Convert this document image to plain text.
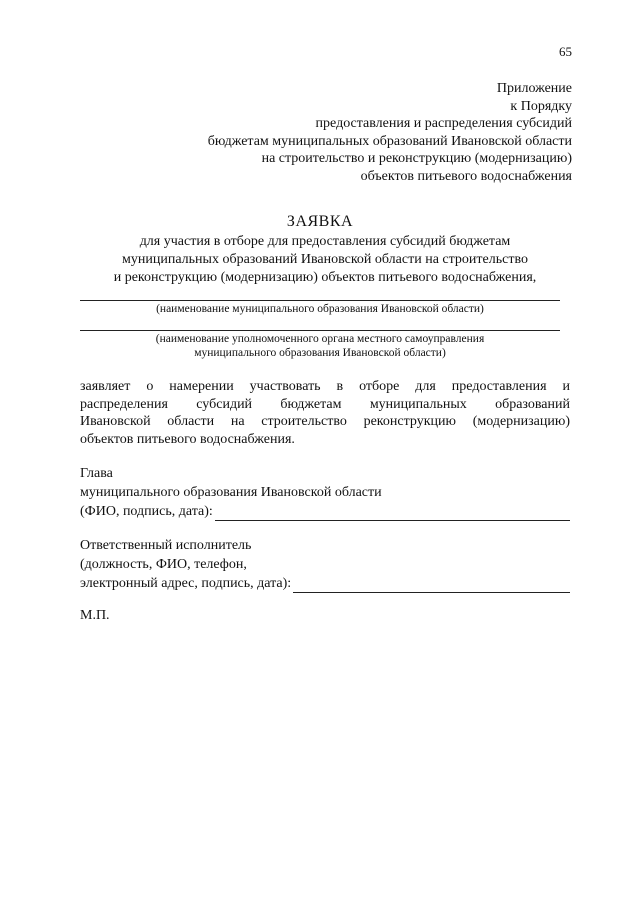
65
Приложение
к Порядку
предоставления и распределения субсидий
бюджетам муниципальных образований Ивановской области
на строительство и реконструкцию (модернизацию)
объектов питьевого водоснабжения
ЗАЯВКА
для участия в отборе для предоставления субсидий бюджетам
муниципальных образований Ивановской области на строительство
и реконструкцию (модернизацию) объектов питьевого водоснабжения,
(наименование муниципального образования Ивановской области)
(наименование уполномоченного органа местного самоуправления
муниципального образования Ивановской области)
заявляет о намерении участвовать в отборе для предоставления и
распределения субсидий бюджетам муниципальных образований
Ивановской области на строительство реконструкцию (модернизацию)
объектов питьевого водоснабжения.
Глава
муниципального образования Ивановской области
(ФИО, подпись, дата):
Ответственный исполнитель
(должность, ФИО, телефон,
электронный адрес, подпись, дата):
М.П.
